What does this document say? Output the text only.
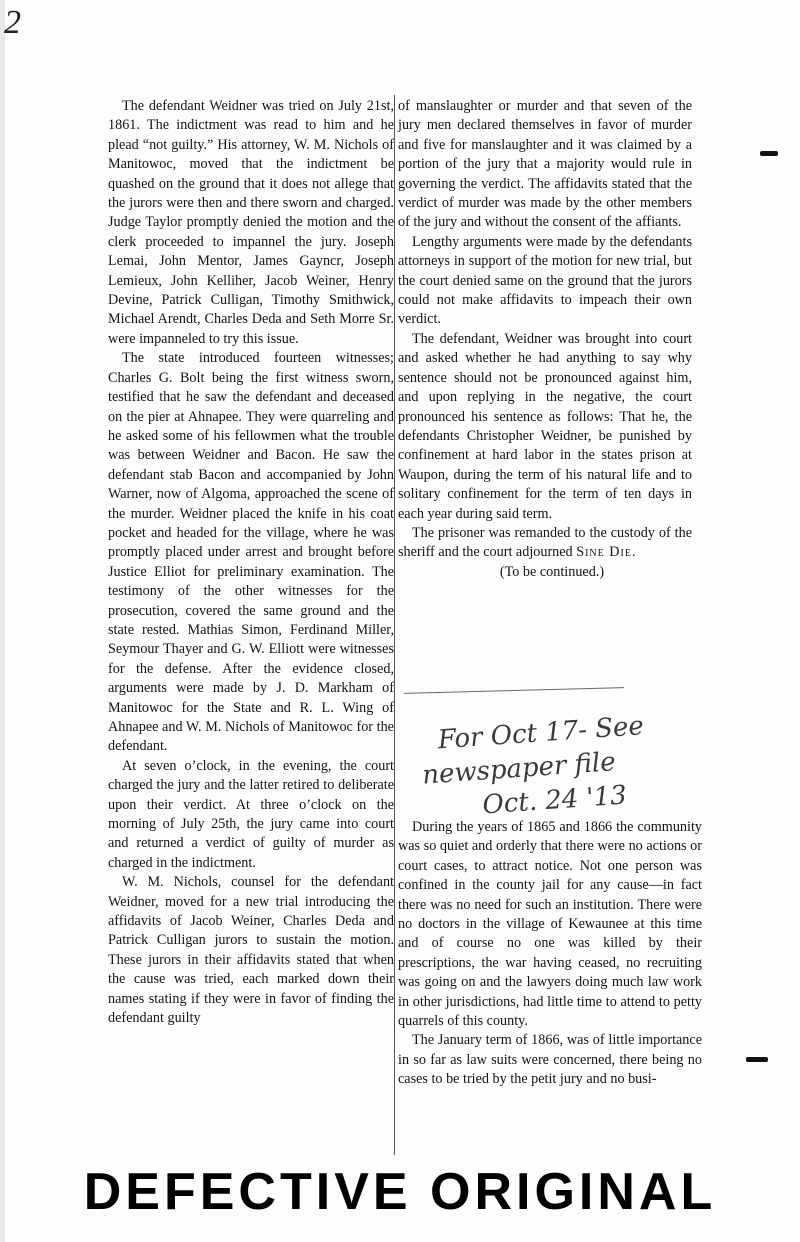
2

The defendant Weidner was tried on July 21st, 1861. The indictment was read to him and he plead “not guilty.” His attorney, W. M. Nichols of Manitowoc, moved that the indictment be quashed on the ground that it does not allege that the jurors were then and there sworn and charged. Judge Taylor promptly denied the motion and the clerk proceeded to impannel the jury. Joseph Lemai, John Mentor, James Gayncr, Joseph Lemieux, John Kelliher, Jacob Weiner, Henry Devine, Patrick Culligan, Timothy Smithwick, Michael Arendt, Charles Deda and Seth Morre Sr. were impanneled to try this issue.

The state introduced fourteen witnesses; Charles G. Bolt being the first witness sworn, testified that he saw the defendant and deceased on the pier at Ahnapee. They were quarreling and he asked some of his fellowmen what the trouble was between Weidner and Bacon. He saw the defendant stab Bacon and accompanied by John Warner, now of Algoma, approached the scene of the murder. Weidner placed the knife in his coat pocket and headed for the village, where he was promptly placed under arrest and brought before Justice Elliot for preliminary examination. The testimony of the other witnesses for the prosecution, covered the same ground and the state rested. Mathias Simon, Ferdinand Miller, Seymour Thayer and G. W. Elliott were witnesses for the defense. After the evidence closed, arguments were made by J. D. Markham of Manitowoc for the State and R. L. Wing of Ahnapee and W. M. Nichols of Manitowoc for the defendant.

At seven o’clock, in the evening, the court charged the jury and the latter retired to deliberate upon their verdict. At three o’clock on the morning of July 25th, the jury came into court and returned a verdict of guilty of murder as charged in the indictment.

W. M. Nichols, counsel for the defendant Weidner, moved for a new trial introducing the affidavits of Jacob Weiner, Charles Deda and Patrick Culligan jurors to sustain the motion. These jurors in their affidavits stated that when the cause was tried, each marked down their names stating if they were in favor of finding the defendant guilty

of manslaughter or murder and that seven of the jury men declared themselves in favor of murder and five for manslaughter and it was claimed by a portion of the jury that a majority would rule in governing the verdict. The affidavits stated that the verdict of murder was made by the other members of the jury and without the consent of the affiants.

Lengthy arguments were made by the defendants attorneys in support of the motion for new trial, but the court denied same on the ground that the jurors could not make affidavits to impeach their own verdict.

The defendant, Weidner was brought into court and asked whether he had anything to say why sentence should not be pronounced against him, and upon replying in the negative, the court pronounced his sentence as follows: That he, the defendants Christopher Weidner, be punished by confinement at hard labor in the states prison at Waupon, during the term of his natural life and to solitary confinement for the term of ten days in each year during said term.

The prisoner was remanded to the custody of the sheriff and the court adjourned Sine Die.

(To be continued.)

For Oct 17- See
newspaper file
Oct. 24 '13

During the years of 1865 and 1866 the community was so quiet and orderly that there were no actions or court cases, to attract notice. Not one person was confined in the county jail for any cause—in fact there was no need for such an institution. There were no doctors in the village of Kewaunee at this time and of course no one was killed by their prescriptions, the war having ceased, no recruiting was going on and the lawyers doing much law work in other jurisdictions, had little time to attend to petty quarrels of this county.

The January term of 1866, was of little importance in so far as law suits were concerned, there being no cases to be tried by the petit jury and no busi-

DEFECTIVE ORIGINAL
